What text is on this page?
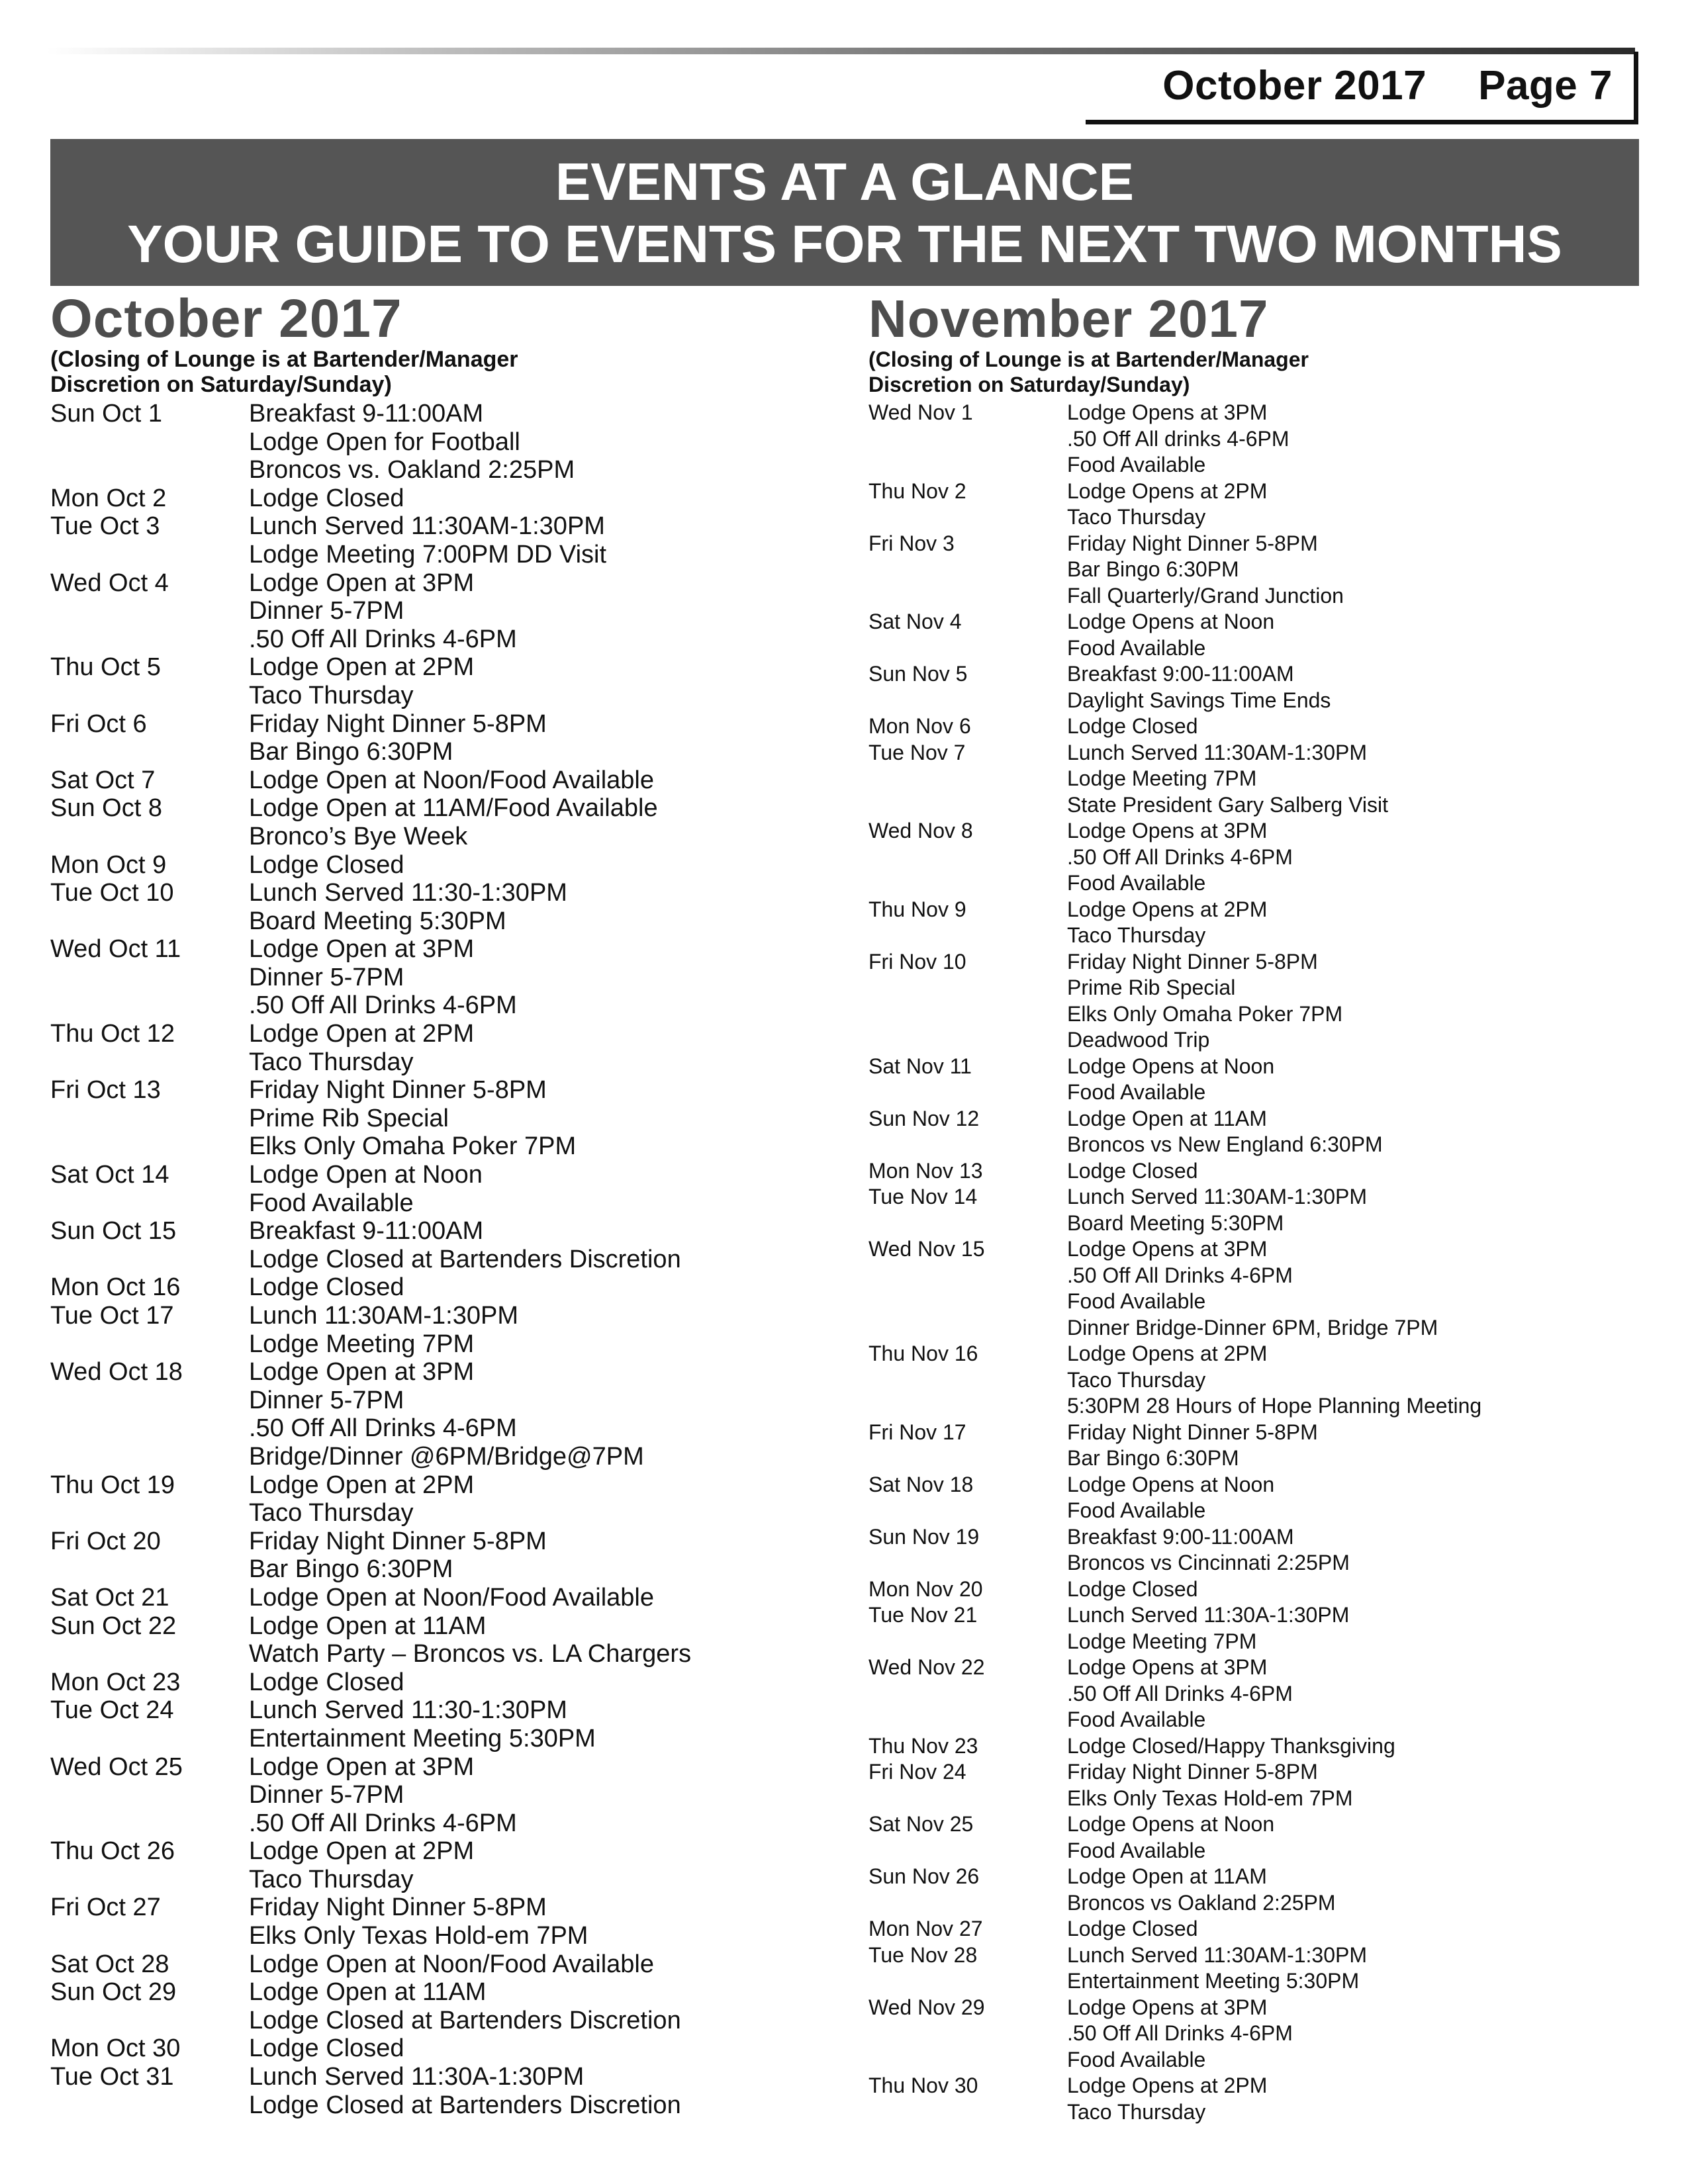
October 2017 Page 7
EVENTS AT A GLANCE
YOUR GUIDE TO EVENTS FOR THE NEXT TWO MONTHS
October 2017
(Closing of Lounge is at Bartender/Manager
Discretion on Saturday/Sunday)
Sun Oct 1	Breakfast 9-11:00AM
Lodge Open for Football
Broncos vs. Oakland 2:25PM
Mon Oct 2	Lodge Closed
Tue Oct 3	Lunch Served 11:30AM-1:30PM
Lodge Meeting 7:00PM DD Visit
Wed Oct 4	Lodge Open at 3PM
Dinner 5-7PM
.50 Off All Drinks 4-6PM
Thu Oct 5	Lodge Open at 2PM
Taco Thursday
Fri Oct 6	Friday Night Dinner 5-8PM
Bar Bingo 6:30PM
Sat Oct 7	Lodge Open at Noon/Food Available
Sun Oct 8	Lodge Open at 11AM/Food Available
Bronco’s Bye Week
Mon Oct 9	Lodge Closed
Tue Oct 10	Lunch Served 11:30-1:30PM
Board Meeting 5:30PM
Wed Oct 11	Lodge Open at 3PM
Dinner 5-7PM
.50 Off All Drinks 4-6PM
Thu Oct 12	Lodge Open at 2PM
Taco Thursday
Fri Oct 13	Friday Night Dinner 5-8PM
Prime Rib Special
Elks Only Omaha Poker 7PM
Sat Oct 14	Lodge Open at Noon
Food Available
Sun Oct 15	Breakfast 9-11:00AM
Lodge Closed at Bartenders Discretion
Mon Oct 16	Lodge Closed
Tue Oct 17	Lunch 11:30AM-1:30PM
Lodge Meeting 7PM
Wed Oct 18	Lodge Open at 3PM
Dinner 5-7PM
.50 Off All Drinks 4-6PM
Bridge/Dinner @6PM/Bridge@7PM
Thu Oct 19	Lodge Open at 2PM
Taco Thursday
Fri Oct 20	Friday Night Dinner 5-8PM
Bar Bingo 6:30PM
Sat Oct 21	Lodge Open at Noon/Food Available
Sun Oct 22	Lodge Open at 11AM
Watch Party – Broncos vs. LA Chargers
Mon Oct 23	Lodge Closed
Tue Oct 24	Lunch Served 11:30-1:30PM
Entertainment Meeting 5:30PM
Wed Oct 25	Lodge Open at 3PM
Dinner 5-7PM
.50 Off All Drinks 4-6PM
Thu Oct 26	Lodge Open at 2PM
Taco Thursday
Fri Oct 27	Friday Night Dinner 5-8PM
Elks Only Texas Hold-em 7PM
Sat Oct 28	Lodge Open at Noon/Food Available
Sun Oct 29	Lodge Open at 11AM
Lodge Closed at Bartenders Discretion
Mon Oct 30	Lodge Closed
Tue Oct 31	Lunch Served 11:30A-1:30PM
Lodge Closed at Bartenders Discretion
November 2017
(Closing of Lounge is at Bartender/Manager
Discretion on Saturday/Sunday)
Wed Nov 1	Lodge Opens at 3PM
.50 Off All drinks 4-6PM
Food Available
Thu Nov 2	Lodge Opens at 2PM
Taco Thursday
Fri Nov 3	Friday Night Dinner 5-8PM
Bar Bingo 6:30PM
Fall Quarterly/Grand Junction
Sat Nov 4	Lodge Opens at Noon
Food Available
Sun Nov 5	Breakfast 9:00-11:00AM
Daylight Savings Time Ends
Mon Nov 6	Lodge Closed
Tue Nov 7	Lunch Served 11:30AM-1:30PM
Lodge Meeting 7PM
State President Gary Salberg Visit
Wed Nov 8	Lodge Opens at 3PM
.50 Off All Drinks 4-6PM
Food Available
Thu Nov 9	Lodge Opens at 2PM
Taco Thursday
Fri Nov 10	Friday Night Dinner 5-8PM
Prime Rib Special
Elks Only Omaha Poker 7PM
Deadwood Trip
Sat Nov 11	Lodge Opens at Noon
Food Available
Sun Nov 12	Lodge Open at 11AM
Broncos vs New England 6:30PM
Mon Nov 13	Lodge Closed
Tue Nov 14	Lunch Served 11:30AM-1:30PM
Board Meeting 5:30PM
Wed Nov 15	Lodge Opens at 3PM
.50 Off All Drinks 4-6PM
Food Available
Dinner Bridge-Dinner 6PM, Bridge 7PM
Thu Nov 16	Lodge Opens at 2PM
Taco Thursday
5:30PM 28 Hours of Hope Planning Meeting
Fri Nov 17	Friday Night Dinner 5-8PM
Bar Bingo 6:30PM
Sat Nov 18	Lodge Opens at Noon
Food Available
Sun Nov 19	Breakfast 9:00-11:00AM
Broncos vs Cincinnati 2:25PM
Mon Nov 20	Lodge Closed
Tue Nov 21	Lunch Served 11:30A-1:30PM
Lodge Meeting 7PM
Wed Nov 22	Lodge Opens at 3PM
.50 Off All Drinks 4-6PM
Food Available
Thu Nov 23	Lodge Closed/Happy Thanksgiving
Fri Nov 24	Friday Night Dinner 5-8PM
Elks Only Texas Hold-em 7PM
Sat Nov 25	Lodge Opens at Noon
Food Available
Sun Nov 26	Lodge Open at 11AM
Broncos vs Oakland 2:25PM
Mon Nov 27	Lodge Closed
Tue Nov 28	Lunch Served 11:30AM-1:30PM
Entertainment Meeting 5:30PM
Wed Nov 29	Lodge Opens at 3PM
.50 Off All Drinks 4-6PM
Food Available
Thu Nov 30	Lodge Opens at 2PM
Taco Thursday
